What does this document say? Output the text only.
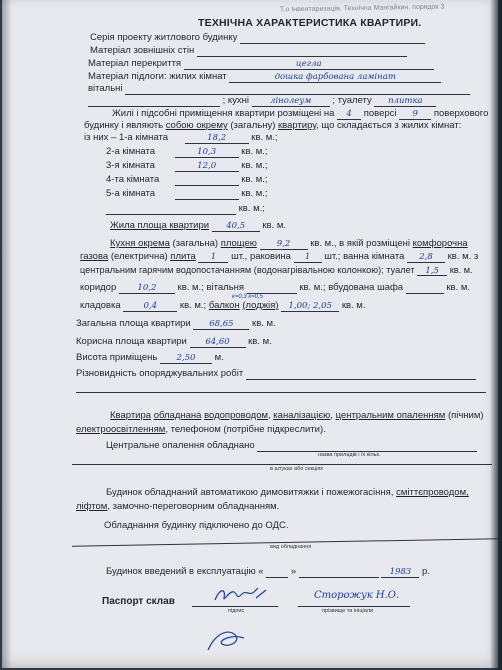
Т.о Інвентаризація. Технічна Мангайкин. порядок 3
ТЕХНІЧНА ХАРАКТЕРИСТИКА КВАРТИРИ.
Серія проекту житлового будинку
Матеріал зовнішніх стін
Матеріал перекриття	цегла
Матеріал підлоги: жилих кімнат	дошка фарбована ламінат
вітальні
; кухні лінолеум ; туалету плитка
Жилі і підсобні приміщення квартири розміщені на 4 поверсі 9 поверхового
будинку і являють собою окрему (загальну) квартиру, що складається з жилих кімнат:
із них – 1-а кімната	18,2	кв. м.;
2-а кімната	10,3	кв. м.;
3-я кімната	12,0	кв. м.;
4-та кімната	кв. м.;
5-а кімната	кв. м.;
кв. м.;
Жила площа квартири 40,5 кв. м.
Кухня окрема (загальна) площею 9,2 кв. м., в якій розміщені комфорочна
газова (електрична) плита 1 шт., раковина 1 шт.; ванна кімната 2,8 кв. м. з
центральним гарячим водопостачанням (водонагрівальною колонкою); туалет 1,5 кв. м.
коридор 10,2 кв. м.; вітальня	кв. м.; вбудована шафа	кв. м.
к=0,3 к=0,5
кладовка	0,4 кв. м.; балкон (лоджія) 1,00; 2,05 кв. м.
Загальна площа квартири 68,65 кв. м.
Корисна площа квартири 64,60 кв. м.
Висота приміщень 2,50 м.
Різновидність опоряджувальних робіт
Квартира обладнана водопроводом, каналізацією, центральним опаленням (пічним)
електроосвітленням, телефоном (потрібне підкреслити).
Центральне опалення обладнано
назва приладів і їх кільк.
в штуках або секціях
Будинок обладнаний автоматикою димовитяжки і пожежогасіння, сміттєпроводом,
ліфтом, замочно-переговорним обладнанням.
Обладнання будинку підключено до ОДС.
вид обладнання
Будинок введений в експлуатацію «	»	1983 р.
Паспорт склав
підпис
Сторожук Н.О.
прізвище та ініціали
